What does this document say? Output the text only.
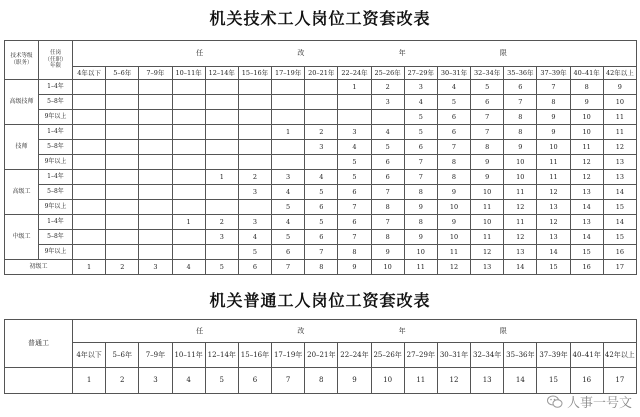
机关技术工人岗位工资套改表
技术等级
（职务）	任岗
（任职）
年限	任 改 年 限																
		4年以下	5–6年	7–9年	10–11年	12–14年	15–16年	17–19年	20–21年	22–24年	25–26年	27–29年	30–31年	32–34年	35–36年	37–39年	40–41年	42年以上
高级技师	1–4年									1	2	3	4	5	6	7	8	9
	5–8年										3	4	5	6	7	8	9	10
	9年以上											5	6	7	8	9	10	11
技师	1–4年							1	2	3	4	5	6	7	8	9	10	11
	5–8年								3	4	5	6	7	8	9	10	11	12
	9年以上									5	6	7	8	9	10	11	12	13
高级工	1–4年					1	2	3	4	5	6	7	8	9	10	11	12	13
	5–8年						3	4	5	6	7	8	9	10	11	12	13	14
	9年以上							5	6	7	8	9	10	11	12	13	14	15
中级工	1–4年				1	2	3	4	5	6	7	8	9	10	11	12	13	14
	5–8年					3	4	5	6	7	8	9	10	11	12	13	14	15
	9年以上						5	6	7	8	9	10	11	12	13	14	15	16
初级工		1	2	3	4	5	6	7	8	9	10	11	12	13	14	15	16	17
机关普通工人岗位工资套改表
普通工	任 改 年 限																
	4年以下	5–6年	7–9年	10–11年	12–14年	15–16年	17–19年	20–21年	22–24年	25–26年	27–29年	30–31年	32–34年	35–36年	37–39年	40–41年	42年以上
	1	2	3	4	5	6	7	8	9	10	11	12	13	14	15	16	17
人事一号文
